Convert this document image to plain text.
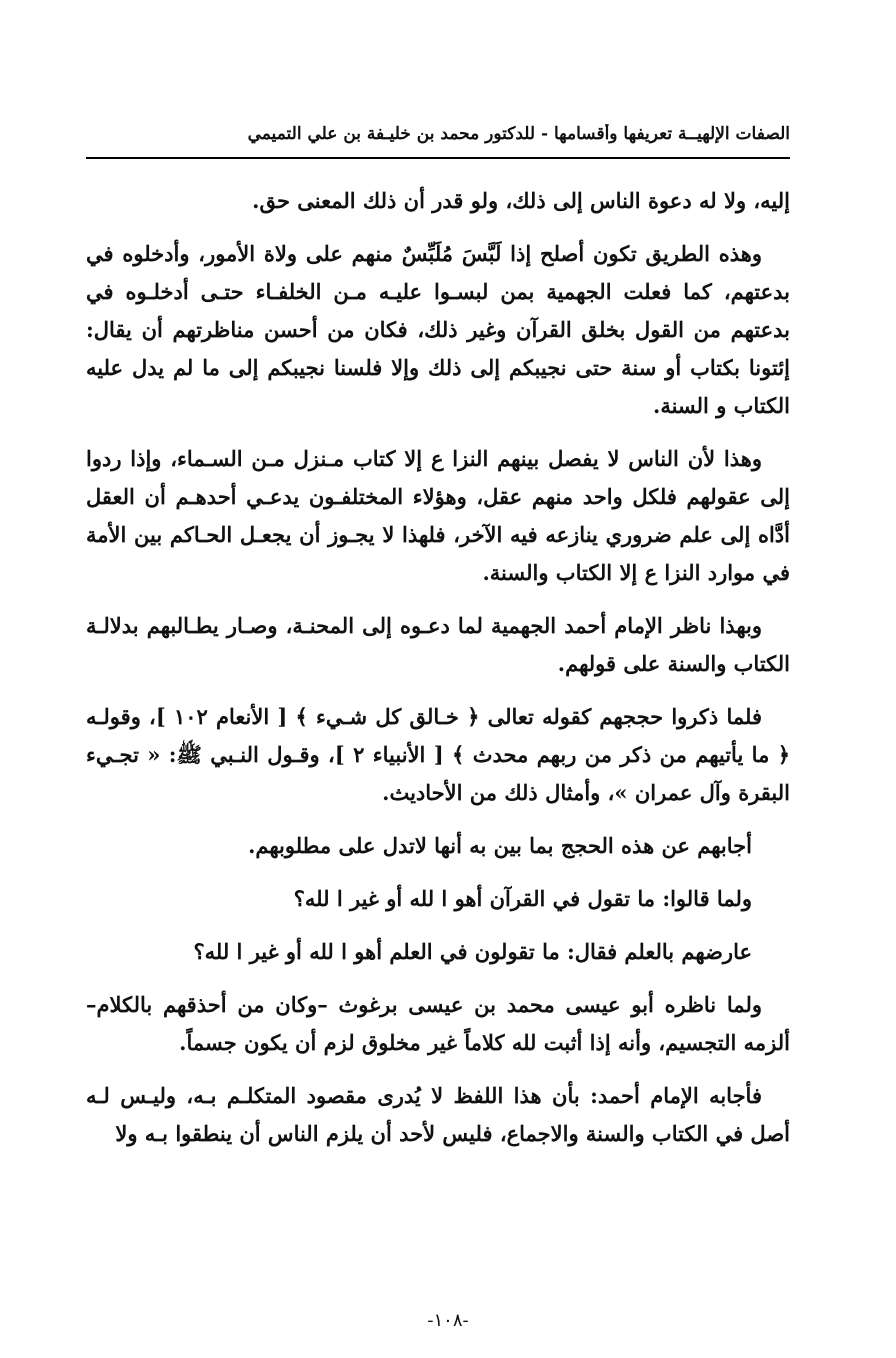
الصفات الإلهيــة تعريفها وأقسامها - للدكتور محمد بن خليـفة بن علي التميمي

إليه، ولا له دعوة الناس إلى ذلك، ولو قدر أن ذلك المعنى حق.

وهذه الطريق تكون أصلح إذا لَبَّسَ مُلَبِّسٌ منهم على ولاة الأمور، وأدخلوه في بدعتهم، كما فعلت الجهمية بمن لبسـوا عليـه مـن الخلفـاء حتـى أدخلـوه في بدعتهم من القول بخلق القرآن وغير ذلك، فكان من أحسن مناظرتهم أن يقال: إئتونا بكتاب أو سنة حتى نجيبكم إلى ذلك وإلا فلسنا نجيبكم إلى ما لم يدل عليه الكتاب و السنة.

وهذا لأن الناس لا يفصل بينهم النزا ع إلا كتاب مـنزل مـن السـماء، وإذا ردوا إلى عقولهم فلكل واحد منهم عقل، وهؤلاء المختلفـون يدعـي أحدهـم أن العقل أدَّاه إلى علم ضروري ينازعه فيه الآخر، فلهذا لا يجـوز أن يجعـل الحـاكم بين الأمة في موارد النزا ع إلا الكتاب والسنة.

وبهذا ناظر الإمام أحمد الجهمية لما دعـوه إلى المحنـة، وصـار يطـالبهم بدلالـة الكتاب والسنة على قولهم.

فلما ذكروا حججهم كقوله تعالى ﴿ خـالق كل شـيء ﴾ [ الأنعام ١٠٢ ]، وقولـه ﴿ ما يأتيهم من ذكر من ربهم محدث ﴾ [ الأنبياء ٢ ]، وقـول النـبي ﷺ: « تجـيء البقرة وآل عمران »، وأمثال ذلك من الأحاديث.

أجابهم عن هذه الحجج بما بين به أنها لاتدل على مطلوبهم.

ولما قالوا: ما تقول في القرآن أهو ا لله أو غير ا لله؟

عارضهم بالعلم فقال: ما تقولون في العلم أهو ا لله أو غير ا لله؟

ولما ناظره أبو عيسى محمد بن عيسى برغوث –وكان من أحذقهم بالكلام– ألزمه التجسيم، وأنه إذا أثبت لله كلاماً غير مخلوق لزم أن يكون جسماً.

فأجابه الإمام أحمد: بأن هذا اللفظ لا يُدرى مقصود المتكلـم بـه، وليـس لـه أصل في الكتاب والسنة والاجماع، فليس لأحد أن يلزم الناس أن ينطقوا بـه ولا

-١٠٨-
